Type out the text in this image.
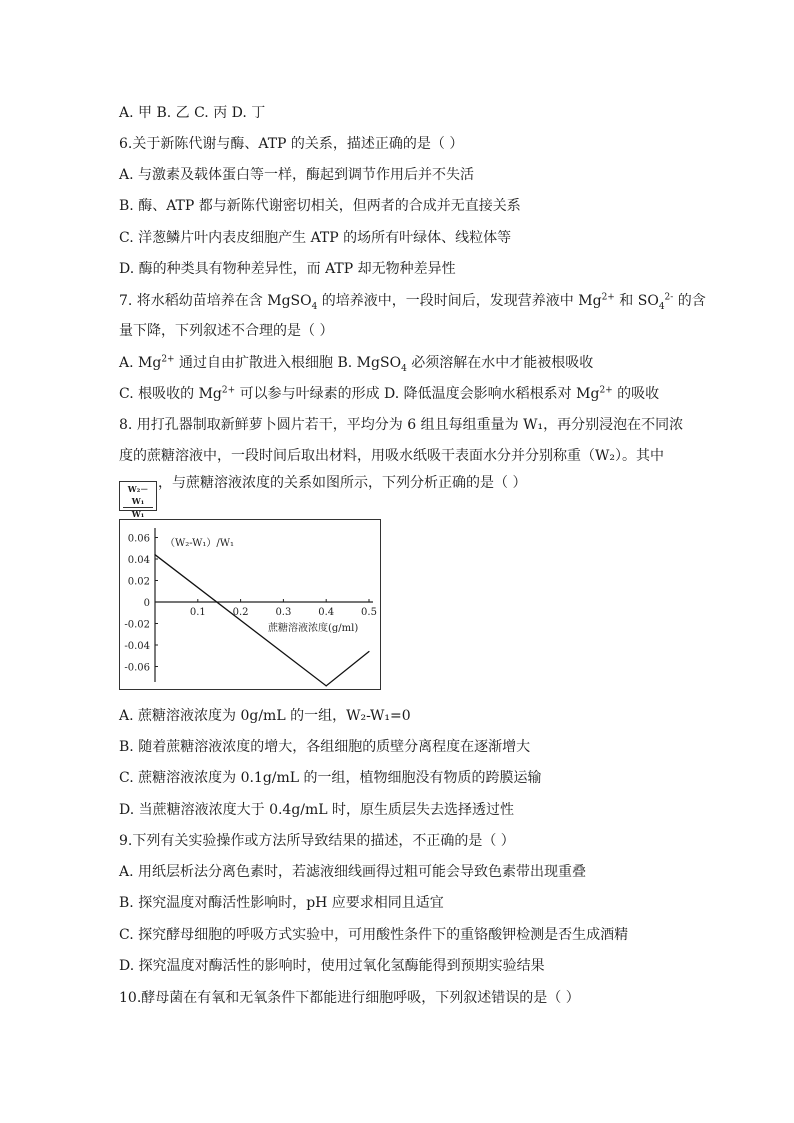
A. 甲 B. 乙 C. 丙 D. 丁
6.关于新陈代谢与酶、ATP 的关系，描述正确的是（ ）
A. 与激素及载体蛋白等一样，酶起到调节作用后并不失活
B. 酶、ATP 都与新陈代谢密切相关，但两者的合成并无直接关系
C. 洋葱鳞片叶内表皮细胞产生 ATP 的场所有叶绿体、线粒体等
D. 酶的种类具有物种差异性，而 ATP 却无物种差异性
7. 将水稻幼苗培养在含 MgSO$_4$ 的培养液中，一段时间后，发现营养液中 $Mg^{2+}$ 和 $SO_4^{2-}$ 的含
量下降，下列叙述不合理的是（ ）
A. $Mg^{2+}$ 通过自由扩散进入根细胞 B. MgSO$_4$ 必须溶解在水中才能被根吸收
C. 根吸收的 $Mg^{2+}$ 可以参与叶绿素的形成 D. 降低温度会影响水稻根系对 $Mg^{2+}$ 的吸收
8. 用打孔器制取新鲜萝卜圆片若干，平均分为 6 组且每组重量为 W₁，再分别浸泡在不同浓
度的蔗糖溶液中，一段时间后取出材料，用吸水纸吸干表面水分并分别称重（W₂）。其中
，与蔗糖溶液浓度的关系如图所示，下列分析正确的是（ ）
$\frac{\text{W₂－W₁}}{\text{W₁}}$
0.1	0.2	0.3	0.4	0.5
0.06
0.04
0.02
0
-0.02
-0.04
-0.06
（W₂-W₁）/W₁
蔗糖溶液浓度(g/ml)
A. 蔗糖溶液浓度为 0g/mL 的一组，W₂-W₁=0
B. 随着蔗糖溶液浓度的增大，各组细胞的质壁分离程度在逐渐增大
C. 蔗糖溶液浓度为 0.1g/mL 的一组，植物细胞没有物质的跨膜运输
D. 当蔗糖溶液浓度大于 0.4g/mL 时，原生质层失去选择透过性
9.下列有关实验操作或方法所导致结果的描述，不正确的是（ ）
A. 用纸层析法分离色素时，若滤液细线画得过粗可能会导致色素带出现重叠
B. 探究温度对酶活性影响时，pH 应要求相同且适宜
C. 探究酵母细胞的呼吸方式实验中，可用酸性条件下的重铬酸钾检测是否生成酒精
D. 探究温度对酶活性的影响时，使用过氧化氢酶能得到预期实验结果
10.酵母菌在有氧和无氧条件下都能进行细胞呼吸，下列叙述错误的是（ ）
